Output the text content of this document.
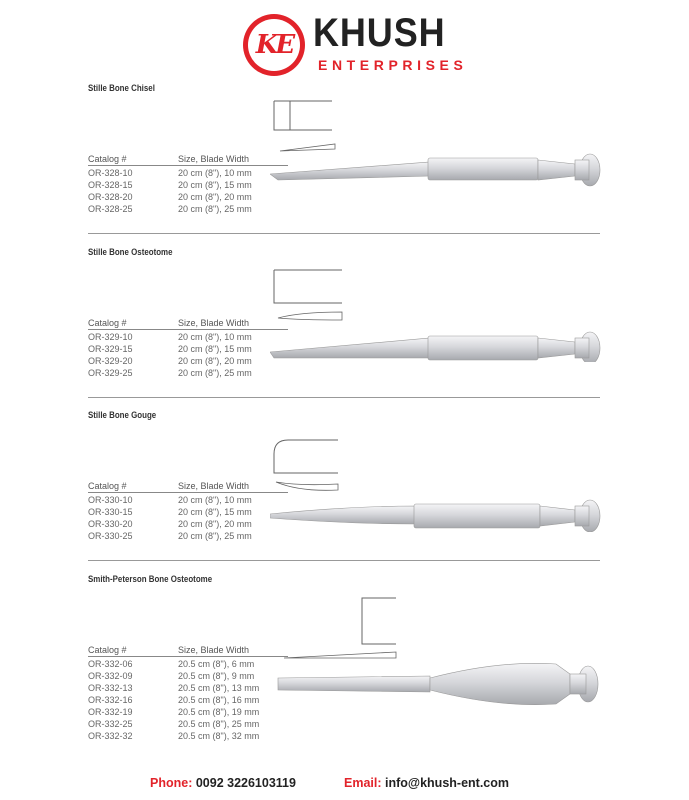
KE KHUSH
ENTERPRISES
Stille Bone Chisel
Catalog #	Size, Blade Width
OR-328-10	20 cm (8"), 10 mm
OR-328-15	20 cm (8"), 15 mm
OR-328-20	20 cm (8"), 20 mm
OR-328-25	20 cm (8"), 25 mm
Stille Bone Osteotome
Catalog #	Size, Blade Width
OR-329-10	20 cm (8"), 10 mm
OR-329-15	20 cm (8"), 15 mm
OR-329-20	20 cm (8"), 20 mm
OR-329-25	20 cm (8"), 25 mm
Stille Bone Gouge
Catalog #	Size, Blade Width
OR-330-10	20 cm (8"), 10 mm
OR-330-15	20 cm (8"), 15 mm
OR-330-20	20 cm (8"), 20 mm
OR-330-25	20 cm (8"), 25 mm
Smith-Peterson Bone Osteotome
Catalog #	Size, Blade Width
OR-332-06	20.5 cm (8"), 6 mm
OR-332-09	20.5 cm (8"), 9 mm
OR-332-13	20.5 cm (8"), 13 mm
OR-332-16	20.5 cm (8"), 16 mm
OR-332-19	20.5 cm (8"), 19 mm
OR-332-25	20.5 cm (8"), 25 mm
OR-332-32	20.5 cm (8"), 32 mm
Phone: 0092 3226103119	Email: info@khush-ent.com
